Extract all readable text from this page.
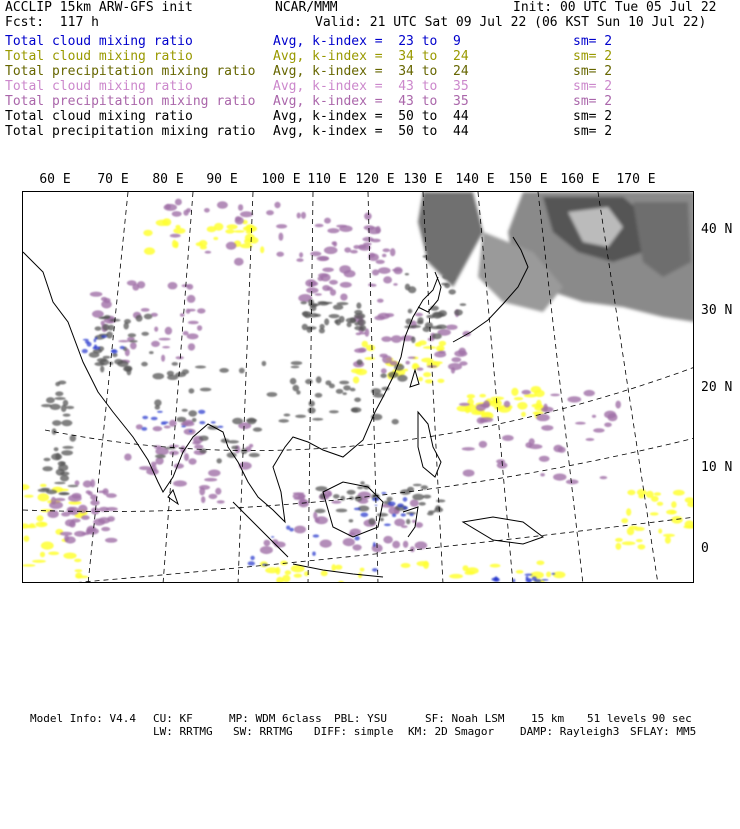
ACCLIP 15km ARW-GFS init

	NCAR/MMM

	Init: 00 UTC Tue 05 Jul 22

Fcst:  117 h

	Valid: 21 UTC Sat 09 Jul 22 (06 KST Sun 10 Jul 22)

Total cloud mixing ratio	Avg, k-index =  23 to  9	sm= 2
Total cloud mixing ratio	Avg, k-index =  34 to  24	sm= 2
Total precipitation mixing ratio Avg, k-index =  34 to  24	sm= 2
Total cloud mixing ratio	Avg, k-index =  43 to  35	sm= 2
Total precipitation mixing ratio Avg, k-index =  43 to  35	sm= 2
Total cloud mixing ratio	Avg, k-index =  50 to  44	sm= 2
Total precipitation mixing ratio Avg, k-index =  50 to  44	sm= 2
60 E 70 E 80 E 90 E 100 E 110 E 120 E 130 E 140 E 150 E 160 E 170 E
40 N
30 N
20 N
10 N
0

Model Info: V4.4

CU: KF

	MP: WDM 6class

PBL: YSU

	SF: Noah LSM

15 km

51 levels

90 sec

LW: RRTMG

SW: RRTMG

DIFF: simple

KM: 2D Smagor

DAMP: Rayleigh3

SFLAY: MM5
